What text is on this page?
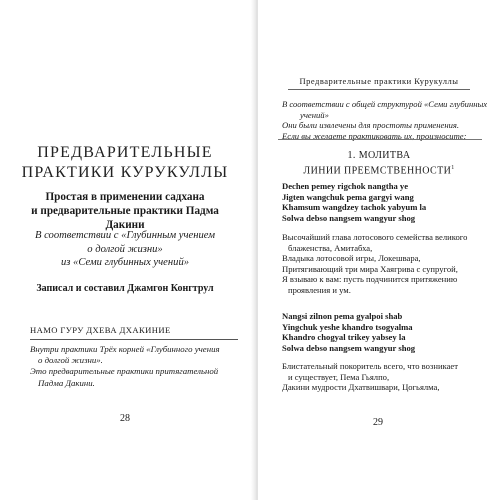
ПРЕДВАРИТЕЛЬНЫЕ
ПРАКТИКИ КУРУКУЛЛЫ
Простая в применении садхана
и предварительные практики Падма
Дакини
В соответствии с «Глубинным учением
о долгой жизни»
из «Семи глубинных учений»
Записал и составил Джамгон Конгтрул
НАМО ГУРУ ДХЕВА ДХАКИНИЕ
Внутри практики Трёх корней «Глубинного учения
о долгой жизни».
Это предварительные практики притягательной
Падма Дакини.
28
Предварительные практики Курукуллы

В соответствии с общей структурой «Семи глубинных

учений»

Они были извлечены для простоты применения.

Если вы желаете практиковать их, произносите:

1. МОЛИТВА
ЛИНИИ ПРЕЕМСТВЕННОСТИ$^1$

Dechen pemey rigchok nangtha ye

Jigten wangchuk pema gargyi wang

Khamsum wangdzey tachok yabyum la

Solwa debso nangsem wangyur shog

Высочайший глава лотосового семейства великого

блаженства, Амитабха,

Владыка лотосовой игры, Локешвара,

Притягивающий три мира Хаягрива с супругой,

Я взываю к вам: пусть подчинится притяжению

проявления и ум.

Nangsi zilnon pema gyalpoi shab

Yingchuk yeshe khandro tsogyalma

Khandro chogyal trikey yabsey la

Solwa debso nangsem wangyur shog

Блистательный покоритель всего, что возникает

и существует, Пема Гьялпо,

Дакини мудрости Дхатвишвари, Цогьялма,

29
